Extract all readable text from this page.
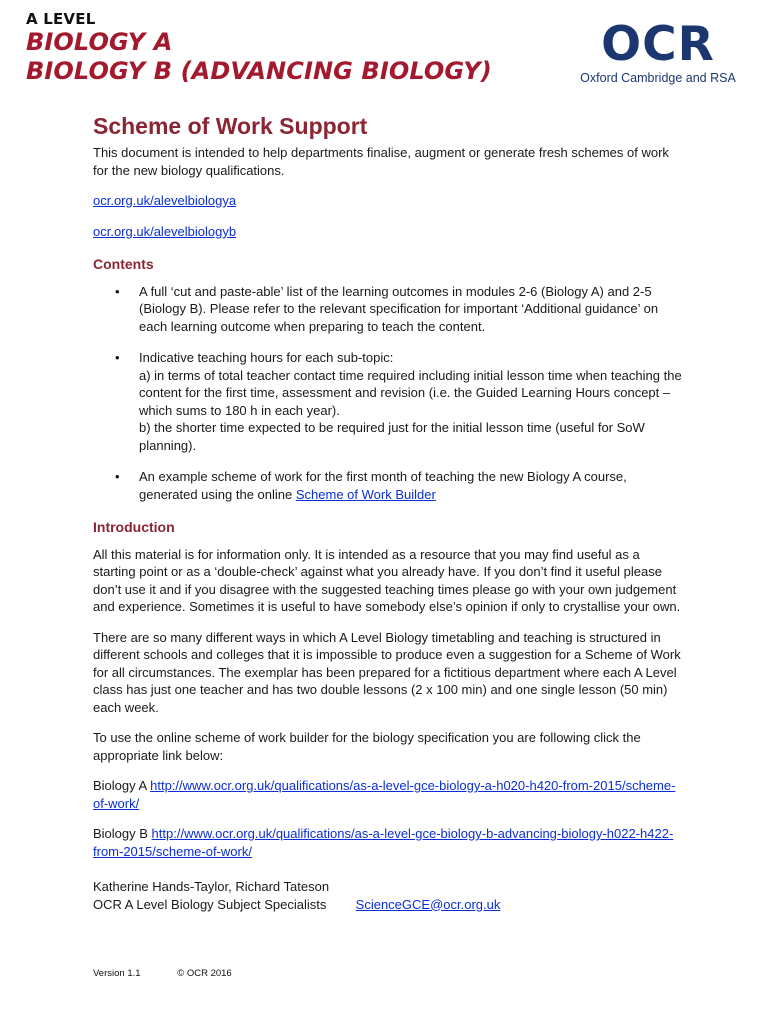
A LEVEL
BIOLOGY A
BIOLOGY B (ADVANCING BIOLOGY)	OCR
Oxford Cambridge and RSA
Scheme of Work Support

This document is intended to help departments finalise, augment or generate fresh schemes of work for the new biology qualifications.

ocr.org.uk/alevelbiologya

ocr.org.uk/alevelbiologyb

Contents
• A full ‘cut and paste-able’ list of the learning outcomes in modules 2-6 (Biology A) and 2-5 (Biology B). Please refer to the relevant specification for important ‘Additional guidance’ on each learning outcome when preparing to teach the content.
• Indicative teaching hours for each sub-topic:
a) in terms of total teacher contact time required including initial lesson time when teaching the content for the first time, assessment and revision (i.e. the Guided Learning Hours concept – which sums to 180 h in each year).
b) the shorter time expected to be required just for the initial lesson time (useful for SoW planning).
• An example scheme of work for the first month of teaching the new Biology A course, generated using the online Scheme of Work Builder
Introduction

All this material is for information only. It is intended as a resource that you may find useful as a starting point or as a ‘double-check’ against what you already have. If you don’t find it useful please don’t use it and if you disagree with the suggested teaching times please go with your own judgement and experience. Sometimes it is useful to have somebody else’s opinion if only to crystallise your own.

There are so many different ways in which A Level Biology timetabling and teaching is structured in different schools and colleges that it is impossible to produce even a suggestion for a Scheme of Work for all circumstances. The exemplar has been prepared for a fictitious department where each A Level class has just one teacher and has two double lessons (2 x 100 min) and one single lesson (50 min) each week.

To use the online scheme of work builder for the biology specification you are following click the appropriate link below:

Biology A http://www.ocr.org.uk/qualifications/as-a-level-gce-biology-a-h020-h420-from-2015/scheme-of-work/

Biology B http://www.ocr.org.uk/qualifications/as-a-level-gce-biology-b-advancing-biology-h022-h422-from-2015/scheme-of-work/

Katherine Hands-Taylor, Richard Tateson
OCR A Level Biology Subject Specialists ScienceGCE@ocr.org.uk
Version 1.1	© OCR 2016
